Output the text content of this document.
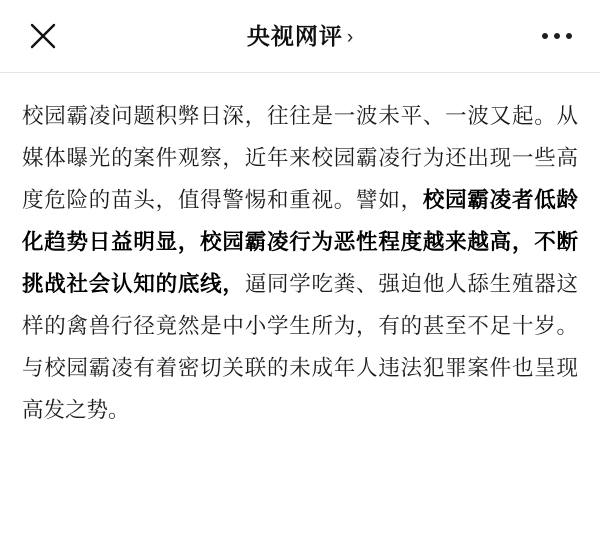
央视网评 ›

校园霸凌问题积弊日深，往往是一波未平、一波又起。从媒体曝光的案件观察，近年来校园霸凌行为还出现一些高度危险的苗头，值得警惕和重视。譬如，校园霸凌者低龄化趋势日益明显，校园霸凌行为恶性程度越来越高，不断挑战社会认知的底线，逼同学吃粪、强迫他人舔生殖器这样的禽兽行径竟然是中小学生所为，有的甚至不足十岁。与校园霸凌有着密切关联的未成年人违法犯罪案件也呈现高发之势。
